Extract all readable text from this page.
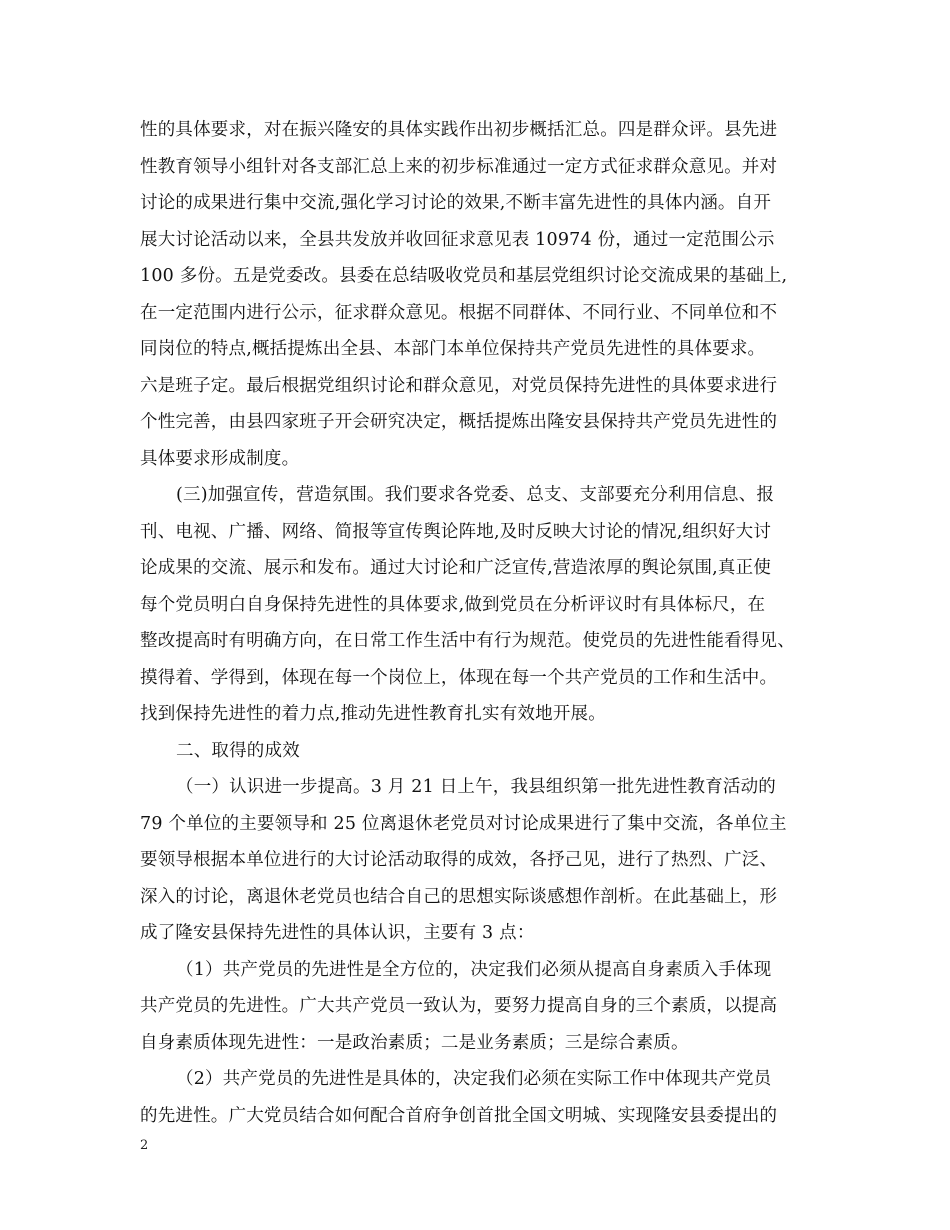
性的具体要求，对在振兴隆安的具体实践作出初步概括汇总。四是群众评。县先进
性教育领导小组针对各支部汇总上来的初步标准通过一定方式征求群众意见。并对
讨论的成果进行集中交流,强化学习讨论的效果,不断丰富先进性的具体内涵。自开
展大讨论活动以来，全县共发放并收回征求意见表 10974 份，通过一定范围公示
100 多份。五是党委改。县委在总结吸收党员和基层党组织讨论交流成果的基础上,
在一定范围内进行公示，征求群众意见。根据不同群体、不同行业、不同单位和不
同岗位的特点,概括提炼出全县、本部门本单位保持共产党员先进性的具体要求。
六是班子定。最后根据党组织讨论和群众意见，对党员保持先进性的具体要求进行
个性完善，由县四家班子开会研究决定，概括提炼出隆安县保持共产党员先进性的
具体要求形成制度。
(三)加强宣传，营造氛围。我们要求各党委、总支、支部要充分利用信息、报
刊、电视、广播、网络、简报等宣传舆论阵地,及时反映大讨论的情况,组织好大讨
论成果的交流、展示和发布。通过大讨论和广泛宣传,营造浓厚的舆论氛围,真正使
每个党员明白自身保持先进性的具体要求,做到党员在分析评议时有具体标尺，在
整改提高时有明确方向，在日常工作生活中有行为规范。使党员的先进性能看得见、
摸得着、学得到，体现在每一个岗位上，体现在每一个共产党员的工作和生活中。
找到保持先进性的着力点,推动先进性教育扎实有效地开展。
二、取得的成效
（一）认识进一步提高。3 月 21 日上午，我县组织第一批先进性教育活动的
79 个单位的主要领导和 25 位离退休老党员对讨论成果进行了集中交流，各单位主
要领导根据本单位进行的大讨论活动取得的成效，各抒己见，进行了热烈、广泛、
深入的讨论，离退休老党员也结合自己的思想实际谈感想作剖析。在此基础上，形
成了隆安县保持先进性的具体认识，主要有 3 点：
（1）共产党员的先进性是全方位的，决定我们必须从提高自身素质入手体现
共产党员的先进性。广大共产党员一致认为，要努力提高自身的三个素质，以提高
自身素质体现先进性：一是政治素质；二是业务素质；三是综合素质。
（2）共产党员的先进性是具体的，决定我们必须在实际工作中体现共产党员
的先进性。广大党员结合如何配合首府争创首批全国文明城、实现隆安县委提出的
2
